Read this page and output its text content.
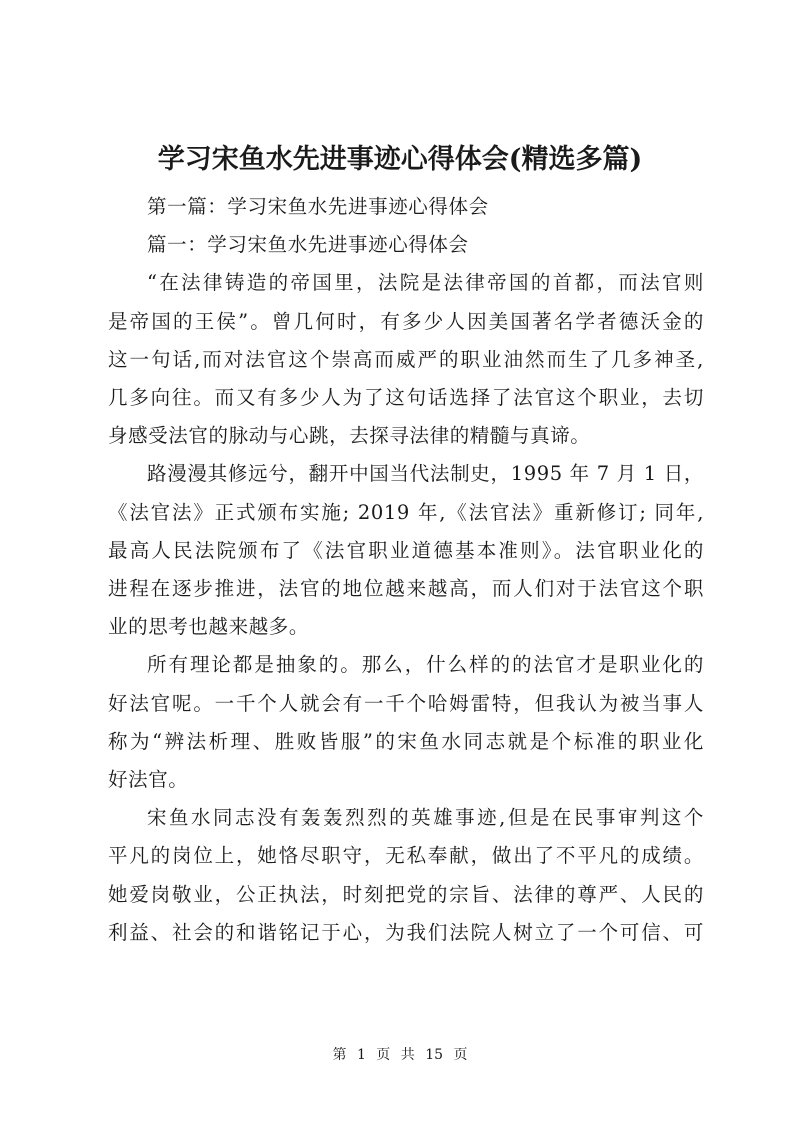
学习宋鱼水先进事迹心得体会(精选多篇)

第一篇：学习宋鱼水先进事迹心得体会

篇一：学习宋鱼水先进事迹心得体会

“在法律铸造的帝国里，法院是法律帝国的首都，而法官则
是帝国的王侯”。曾几何时，有多少人因美国著名学者德沃金的
这一句话,而对法官这个崇高而威严的职业油然而生了几多神圣,
几多向往。而又有多少人为了这句话选择了法官这个职业，去切
身感受法官的脉动与心跳，去探寻法律的精髓与真谛。
路漫漫其修远兮，翻开中国当代法制史，1995 年 7 月 1 日，
《法官法》正式颁布实施; 2019 年,《法官法》重新修订; 同年,
最高人民法院颁布了《法官职业道德基本准则》。法官职业化的
进程在逐步推进，法官的地位越来越高，而人们对于法官这个职
业的思考也越来越多。
所有理论都是抽象的。那么，什么样的的法官才是职业化的
好法官呢。一千个人就会有一千个哈姆雷特，但我认为被当事人
称为“辨法析理、胜败皆服”的宋鱼水同志就是个标准的职业化
好法官。
宋鱼水同志没有轰轰烈烈的英雄事迹,但是在民事审判这个
平凡的岗位上，她恪尽职守，无私奉献，做出了不平凡的成绩。
她爱岗敬业，公正执法，时刻把党的宗旨、法律的尊严、人民的
利益、社会的和谐铭记于心，为我们法院人树立了一个可信、可
第 1 页 共 15 页
